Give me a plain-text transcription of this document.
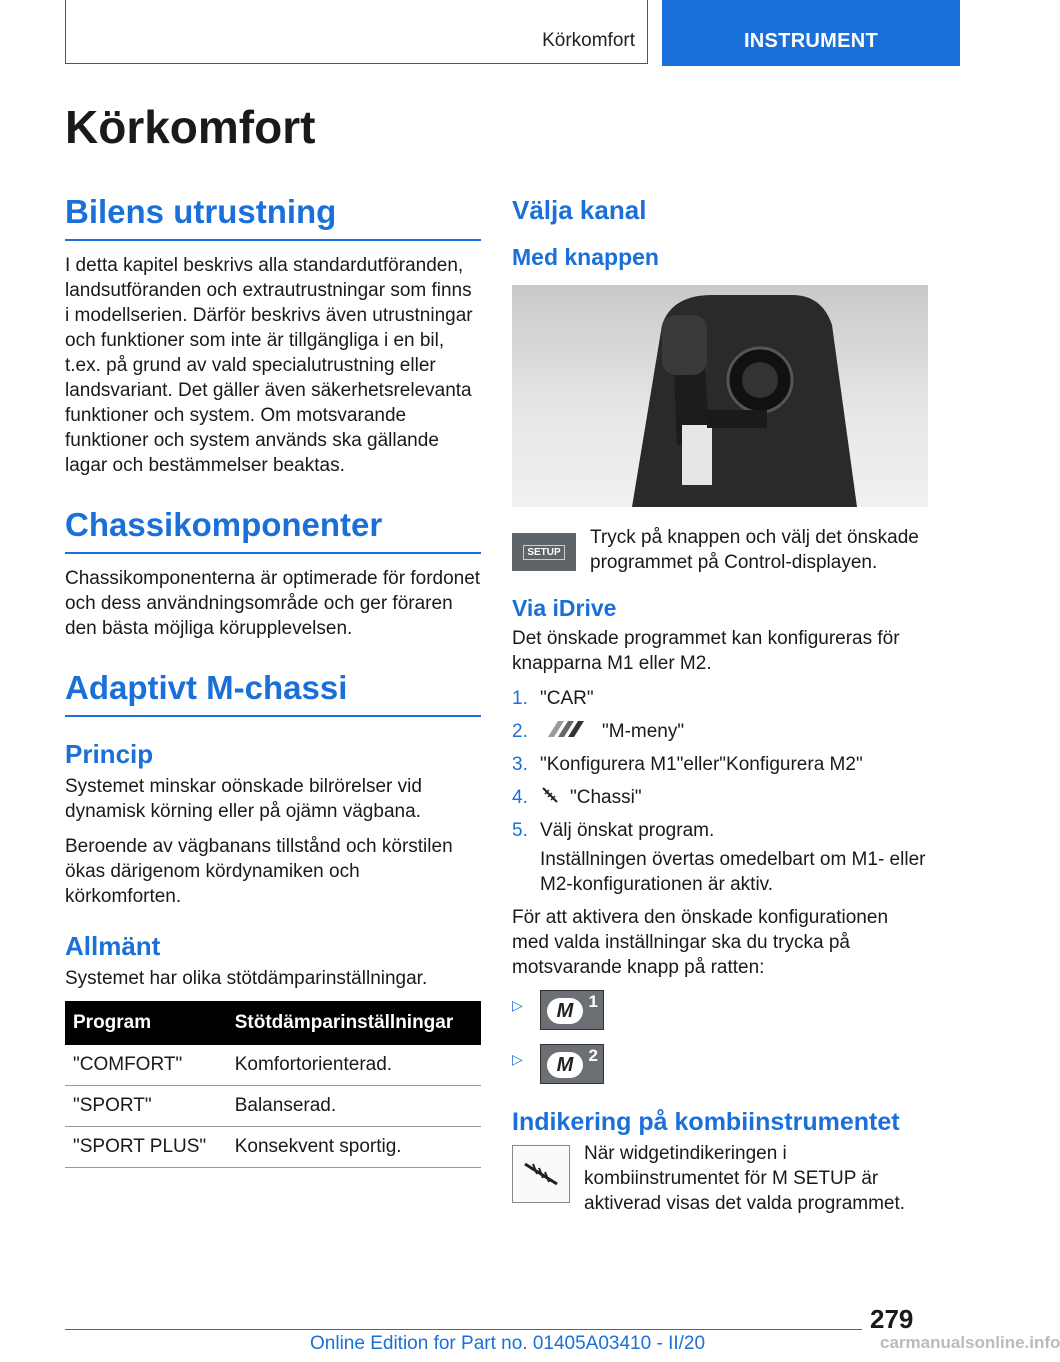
Körkomfort	INSTRUMENT
Körkomfort
Bilens utrustning

I detta kapitel beskrivs alla standardutföranden, landsutföranden och extrautrustningar som finns i modellserien. Därför beskrivs även utrustningar och funktioner som inte är tillgängliga i en bil, t.ex. på grund av vald specialutrustning eller landsvariant. Det gäller även säkerhetsrelevanta funktioner och system. Om motsvarande funktioner och system används ska gällande lagar och bestämmelser beaktas.

Chassikomponenter

Chassikomponenterna är optimerade för fordonet och dess användningsområde och ger föraren den bästa möjliga körupplevelsen.

Adaptivt M-chassi
Princip

Systemet minskar oönskade bilrörelser vid dynamisk körning eller på ojämn vägbana.

Beroende av vägbanans tillstånd och körstilen ökas därigenom kördynamiken och körkomforten.

Allmänt

Systemet har olika stötdämparinställningar.

Program	Stötdämparinställningar
"COMFORT"	Komfortorienterad.
"SPORT"	Balanserad.
"SPORT PLUS"	Konsekvent sportig.
Välja kanal
Med knappen
SETUP

Tryck på knappen och välj det önskade programmet på Control-displayen.

Via iDrive

Det önskade programmet kan konfigureras för knapparna M1 eller M2.

1. "CAR"
2.	"M-meny"
3. "Konfigurera M1"eller"Konfigurera M2"
4.	"Chassi"
5. Välj önskat program.
Inställningen övertas omedelbart om M1- eller M2-konfigurationen är aktiv.

För att aktivera den önskade konfigurationen med valda inställningar ska du trycka på motsvarande knapp på ratten:

▷	M 1
▷	M 2
Indikering på kombiinstrumentet

När widgetindikeringen i kombiinstrumentet för M SETUP är aktiverad visas det valda programmet.

279
Online Edition for Part no. 01405A03410 - II/20	carmanualsonline.info
